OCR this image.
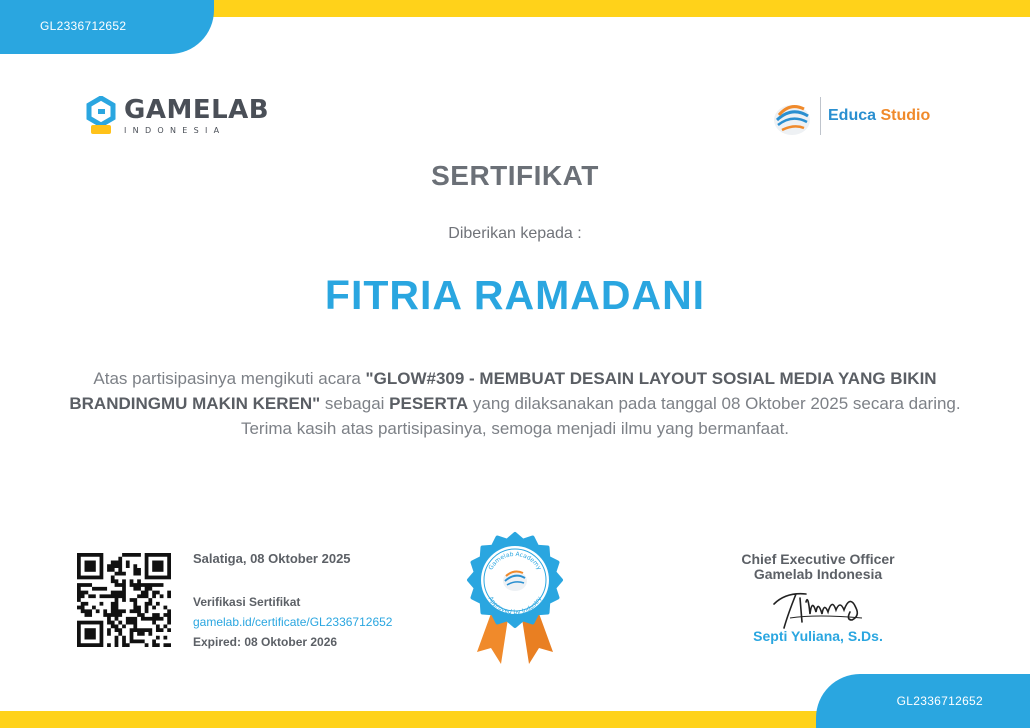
GL2336712652
GAMELAB
INDONESIA
Educa Studio
SERTIFIKAT
Diberikan kepada :
FITRIA RAMADANI
Atas partisipasinya mengikuti acara "GLOW#309 - MEMBUAT DESAIN LAYOUT SOSIAL MEDIA YANG BIKIN BRANDINGMU MAKIN KEREN" sebagai PESERTA yang dilaksanakan pada tanggal 08 Oktober 2025 secara daring. Terima kasih atas partisipasinya, semoga menjadi ilmu yang bermanfaat.
Salatiga, 08 Oktober 2025
Verifikasi Sertifikat
gamelab.id/certificate/GL2336712652
Expired: 08 Oktober 2026
Gamelab Academy
Approved by Industry
Chief Executive Officer
Gamelab Indonesia
Septi Yuliana, S.Ds.
GL2336712652
